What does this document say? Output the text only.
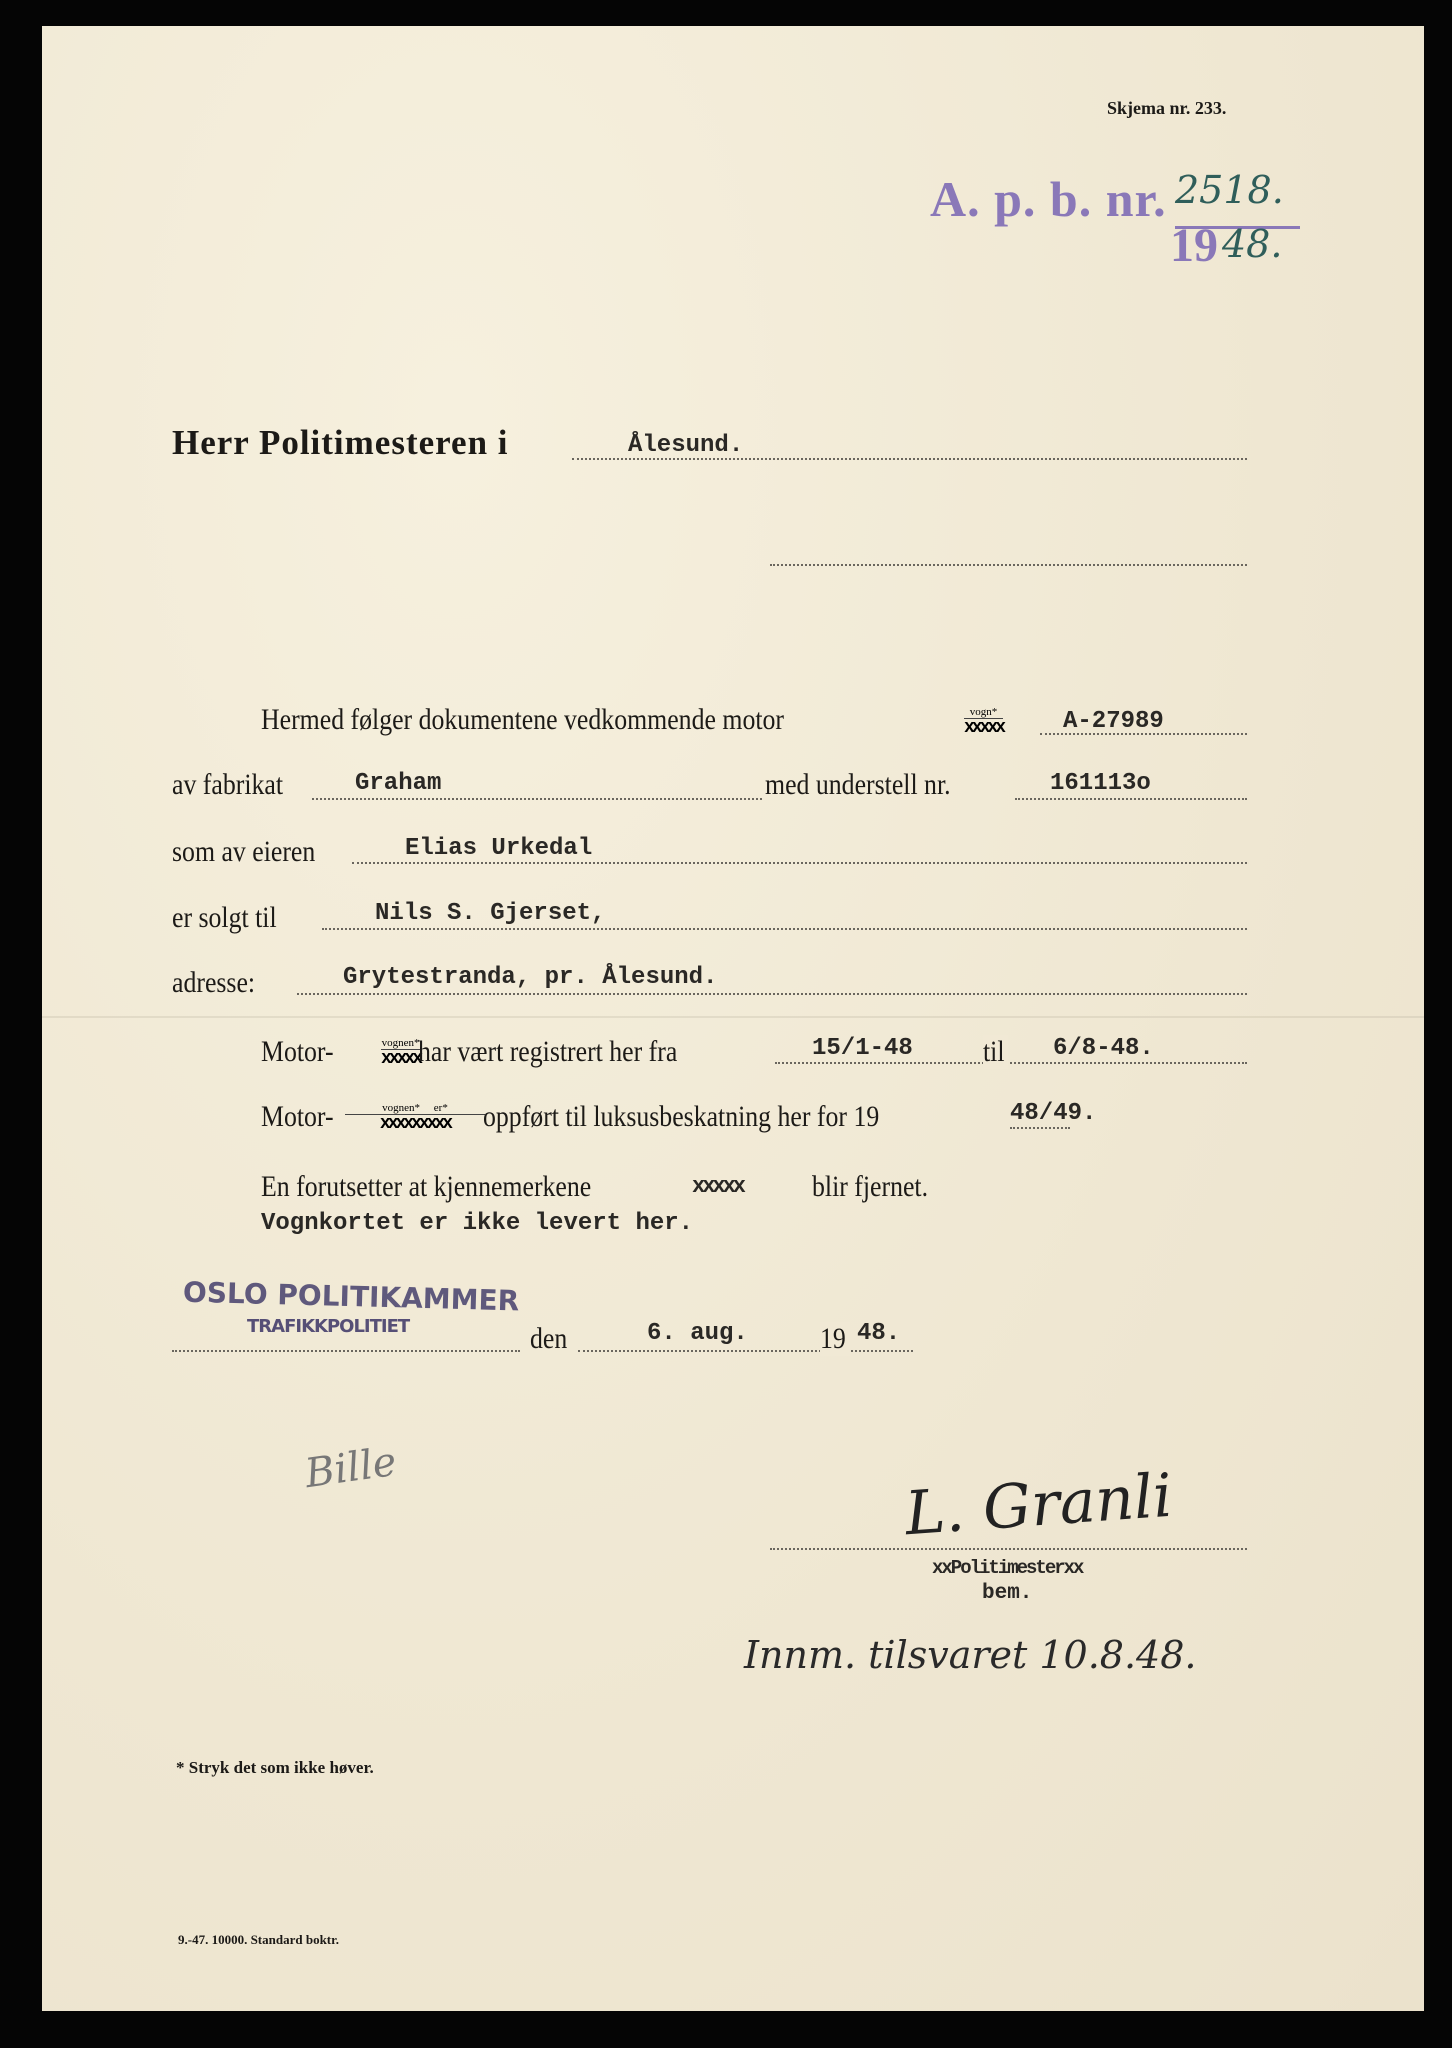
Skjema nr. 233.
A. p. b. nr. 2518.
19 48.
Herr Politimesteren i	Ålesund.
Hermed følger dokumentene vedkommende motor	$\frac{\text{vogn*}}{\text{xxxxx}}$
A-27989
av fabrikat	Graham	med understell nr.	161113o
som av eieren	Elias Urkedal
er solgt til	Nils S. Gjerset,
adresse:	Grytestranda, pr. Ålesund.
Motor-	$\frac{\text{vognen*}}{\text{xxxxx}}$
har vært registrert her fra	15/1-48 til 6/8-48.
Motor-	vognen* er*
xxxxxxxxx	oppført til luksusbeskatning her for 19	48/49.
En forutsetter at kjennemerkene	xxxxx blir fjernet.
Vognkortet er ikke levert her.
OSLO POLITIKAMMER
TRAFIKKPOLITIET	den	6. aug. 19 48.
Bille	L. Granli
xxPolitimesterxx
bem.
Innm. tilsvaret 10.8.48.
* Stryk det som ikke høver.
9.-47. 10000. Standard boktr.
